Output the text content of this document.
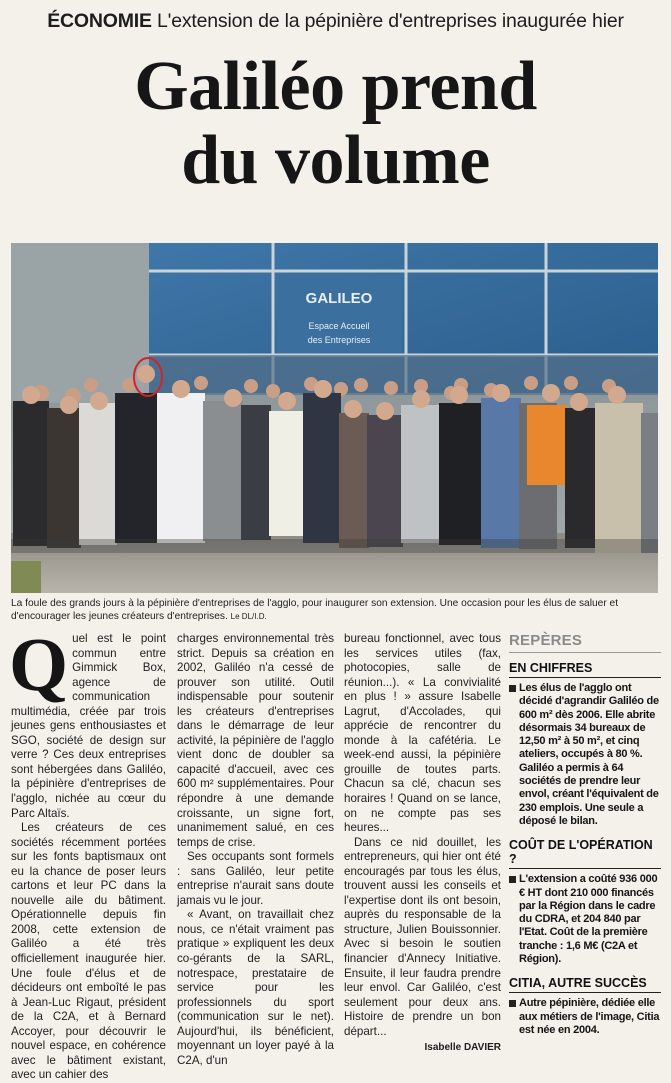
ÉCONOMIE L'extension de la pépinière d'entreprises inaugurée hier
Galiléo prend
du volume
GALILEO
Espace Accueil
des Entreprises
La foule des grands jours à la pépinière d'entreprises de l'agglo, pour inaugurer son extension. Une occasion pour les élus de saluer et d'encourager les jeunes créateurs d'entreprises. Le DL/I.D.

Quel est le point commun entre Gimmick Box, agence de communication multimédia, créée par trois jeunes gens enthousiastes et SGO, société de design sur verre ? Ces deux entreprises sont hébergées dans Galiléo, la pépinière d'entreprises de l'agglo, nichée au cœur du Parc Altaïs.

Les créateurs de ces sociétés récemment portées sur les fonts baptismaux ont eu la chance de poser leurs cartons et leur PC dans la nouvelle aile du bâtiment. Opérationnelle depuis fin 2008, cette extension de Galiléo a été très officiellement inaugurée hier. Une foule d'élus et de décideurs ont emboîté le pas à Jean-Luc Rigaut, président de la C2A, et à Bernard Accoyer, pour découvrir le nouvel espace, en cohérence avec le bâtiment existant, avec un cahier des

charges environnemental très strict. Depuis sa création en 2002, Galiléo n'a cessé de prouver son utilité. Outil indispensable pour soutenir les créateurs d'entreprises dans le démarrage de leur activité, la pépinière de l'agglo vient donc de doubler sa capacité d'accueil, avec ces 600 m² supplémentaires. Pour répondre à une demande croissante, un signe fort, unanimement salué, en ces temps de crise.

Ses occupants sont formels : sans Galiléo, leur petite entreprise n'aurait sans doute jamais vu le jour.

« Avant, on travaillait chez nous, ce n'était vraiment pas pratique » expliquent les deux co-gérants de la SARL, notrespace, prestataire de service pour les professionnels du sport (communication sur le net). Aujourd'hui, ils bénéficient, moyennant un loyer payé à la C2A, d'un

bureau fonctionnel, avec tous les services utiles (fax, photocopies, salle de réunion...). « La convivialité en plus ! » assure Isabelle Lagrut, d'Accolades, qui apprécie de rencontrer du monde à la cafétéria. Le week-end aussi, la pépinière grouille de toutes parts. Chacun sa clé, chacun ses horaires ! Quand on se lance, on ne compte pas ses heures...

Dans ce nid douillet, les entrepreneurs, qui hier ont été encouragés par tous les élus, trouvent aussi les conseils et l'expertise dont ils ont besoin, auprès du responsable de la structure, Julien Bouissonnier. Avec si besoin le soutien financier d'Annecy Initiative. Ensuite, il leur faudra prendre leur envol. Car Galiléo, c'est seulement pour deux ans. Histoire de prendre un bon départ...

Isabelle DAVIER
REPÈRES
EN CHIFFRES
Les élus de l'agglo ont décidé d'agrandir Galiléo de 600 m² dès 2006. Elle abrite désormais 34 bureaux de 12,50 m² à 50 m², et cinq ateliers, occupés à 80 %. Galiléo a permis à 64 sociétés de prendre leur envol, créant l'équivalent de 230 emplois. Une seule a déposé le bilan.
COÛT DE L'OPÉRATION ?
L'extension a coûté 936 000 € HT dont 210 000 financés par la Région dans le cadre du CDRA, et 204 840 par l'Etat. Coût de la première tranche : 1,6 M€ (C2A et Région).
CITIA, AUTRE SUCCÈS
Autre pépinière, dédiée elle aux métiers de l'image, Citia est née en 2004.
